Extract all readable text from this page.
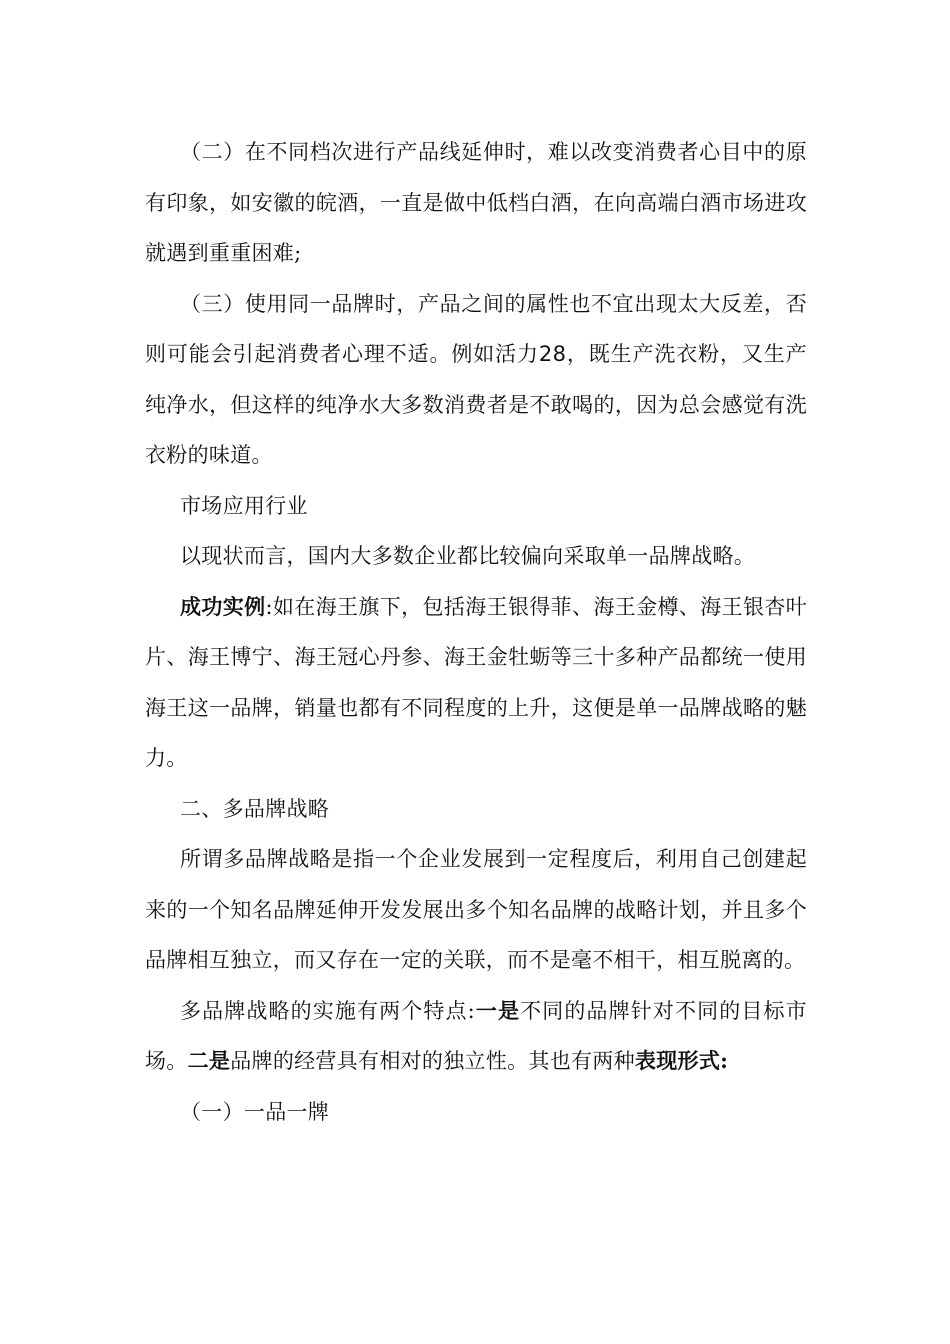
（二）在不同档次进行产品线延伸时，难以改变消费者心目中的原有印象，如安徽的皖酒，一直是做中低档白酒，在向高端白酒市场进攻就遇到重重困难;

（三）使用同一品牌时，产品之间的属性也不宜出现太大反差，否则可能会引起消费者心理不适。例如活力28，既生产洗衣粉，又生产纯净水，但这样的纯净水大多数消费者是不敢喝的，因为总会感觉有洗衣粉的味道。

市场应用行业

以现状而言，国内大多数企业都比较偏向采取单一品牌战略。

成功实例:如在海王旗下，包括海王银得菲、海王金樽、海王银杏叶片、海王博宁、海王冠心丹参、海王金牡蛎等三十多种产品都统一使用海王这一品牌，销量也都有不同程度的上升，这便是单一品牌战略的魅力。

二、多品牌战略

所谓多品牌战略是指一个企业发展到一定程度后，利用自己创建起来的一个知名品牌延伸开发发展出多个知名品牌的战略计划，并且多个品牌相互独立，而又存在一定的关联，而不是毫不相干，相互脱离的。

多品牌战略的实施有两个特点:一是不同的品牌针对不同的目标市场。二是品牌的经营具有相对的独立性。其也有两种表现形式:

（一）一品一牌
